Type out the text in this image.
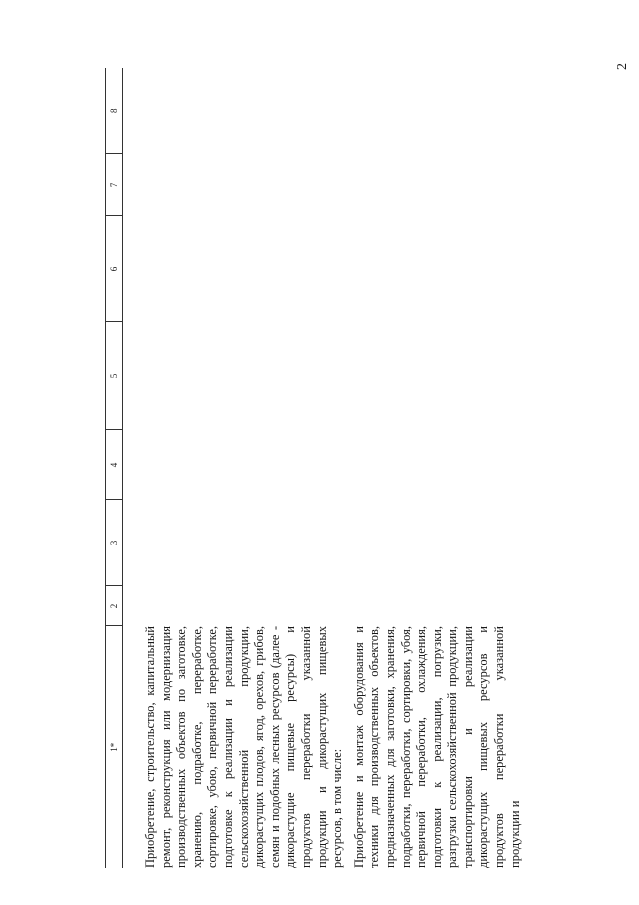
2
1*	2	3	4	5	6	7	8

Приобретение, строительство, капитальный ремонт, реконструкция или модернизация производственных объектов по заготовке, хранению, подработке, переработке, сортировке, убою, первичной переработке, подготовке к реализации и реализации сельскохозяйственной продукции, дикорастущих плодов, ягод, орехов, грибов, семян и подобных лесных ресурсов (далее - дикорастущие пищевые ресурсы) и продуктов переработки указанной продукции и дикорастущих пищевых ресурсов, в том числе:							

Приобретение и монтаж оборудования и техники для производственных объектов, предназначенных для заготовки, хранения, подработки, переработки, сортировки, убоя, первичной переработки, охлаждения, подготовки к реализации, погрузки, разгрузки сельскохозяйственной продукции, транспортировки и реализации дикорастущих пищевых ресурсов и продуктов переработки указанной продукции и							
